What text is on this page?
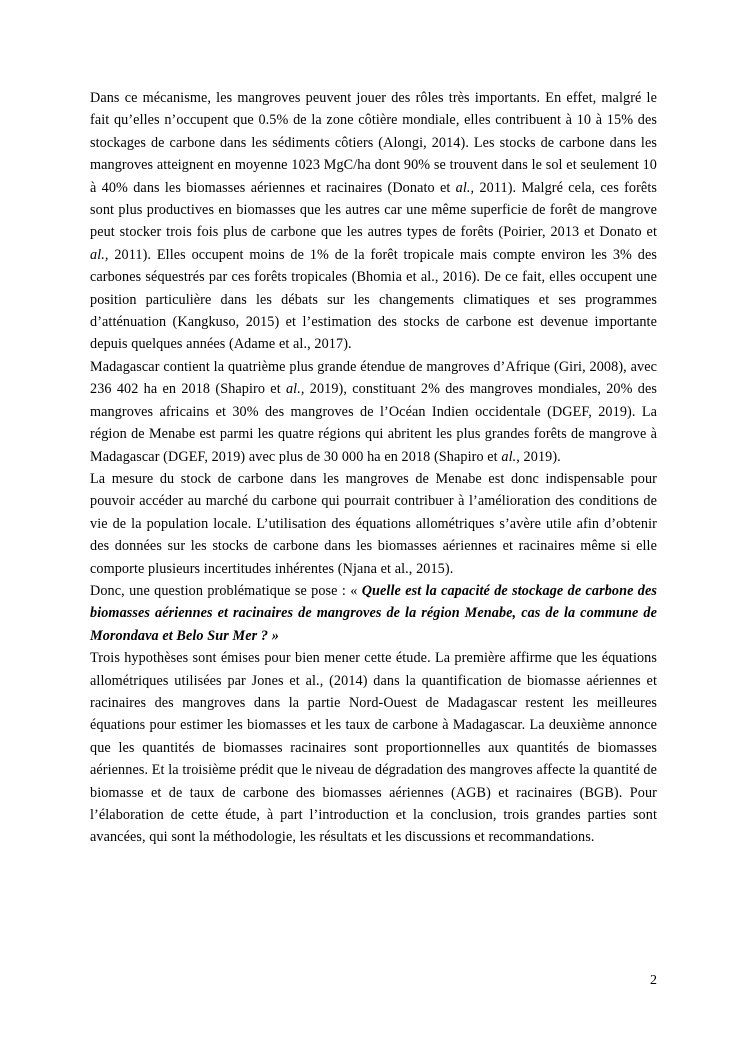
Dans ce mécanisme, les mangroves peuvent jouer des rôles très importants. En effet, malgré le fait qu’elles n’occupent que 0.5% de la zone côtière mondiale, elles contribuent à 10 à 15% des stockages de carbone dans les sédiments côtiers (Alongi, 2014). Les stocks de carbone dans les mangroves atteignent en moyenne 1023 MgC/ha dont 90% se trouvent dans le sol et seulement 10 à 40% dans les biomasses aériennes et racinaires (Donato et al., 2011). Malgré cela, ces forêts sont plus productives en biomasses que les autres car une même superficie de forêt de mangrove peut stocker trois fois plus de carbone que les autres types de forêts (Poirier, 2013 et Donato et al., 2011). Elles occupent moins de 1% de la forêt tropicale mais compte environ les 3% des carbones séquestrés par ces forêts tropicales (Bhomia et al., 2016). De ce fait, elles occupent une position particulière dans les débats sur les changements climatiques et ses programmes d’atténuation (Kangkuso, 2015) et l’estimation des stocks de carbone est devenue importante depuis quelques années (Adame et al., 2017).

Madagascar contient la quatrième plus grande étendue de mangroves d’Afrique (Giri, 2008), avec 236 402 ha en 2018 (Shapiro et al., 2019), constituant 2% des mangroves mondiales, 20% des mangroves africains et 30% des mangroves de l’Océan Indien occidentale (DGEF, 2019). La région de Menabe est parmi les quatre régions qui abritent les plus grandes forêts de mangrove à Madagascar (DGEF, 2019) avec plus de 30 000 ha en 2018 (Shapiro et al., 2019).

La mesure du stock de carbone dans les mangroves de Menabe est donc indispensable pour pouvoir accéder au marché du carbone qui pourrait contribuer à l’amélioration des conditions de vie de la population locale. L’utilisation des équations allométriques s’avère utile afin d’obtenir des données sur les stocks de carbone dans les biomasses aériennes et racinaires même si elle comporte plusieurs incertitudes inhérentes (Njana et al., 2015).

Donc, une question problématique se pose : « Quelle est la capacité de stockage de carbone des biomasses aériennes et racinaires de mangroves de la région Menabe, cas de la commune de Morondava et Belo Sur Mer ? »

Trois hypothèses sont émises pour bien mener cette étude. La première affirme que les équations allométriques utilisées par Jones et al., (2014) dans la quantification de biomasse aériennes et racinaires des mangroves dans la partie Nord-Ouest de Madagascar restent les meilleures équations pour estimer les biomasses et les taux de carbone à Madagascar. La deuxième annonce que les quantités de biomasses racinaires sont proportionnelles aux quantités de biomasses aériennes. Et la troisième prédit que le niveau de dégradation des mangroves affecte la quantité de biomasse et de taux de carbone des biomasses aériennes (AGB) et racinaires (BGB). Pour l’élaboration de cette étude, à part l’introduction et la conclusion, trois grandes parties sont avancées, qui sont la méthodologie, les résultats et les discussions et recommandations.

2
